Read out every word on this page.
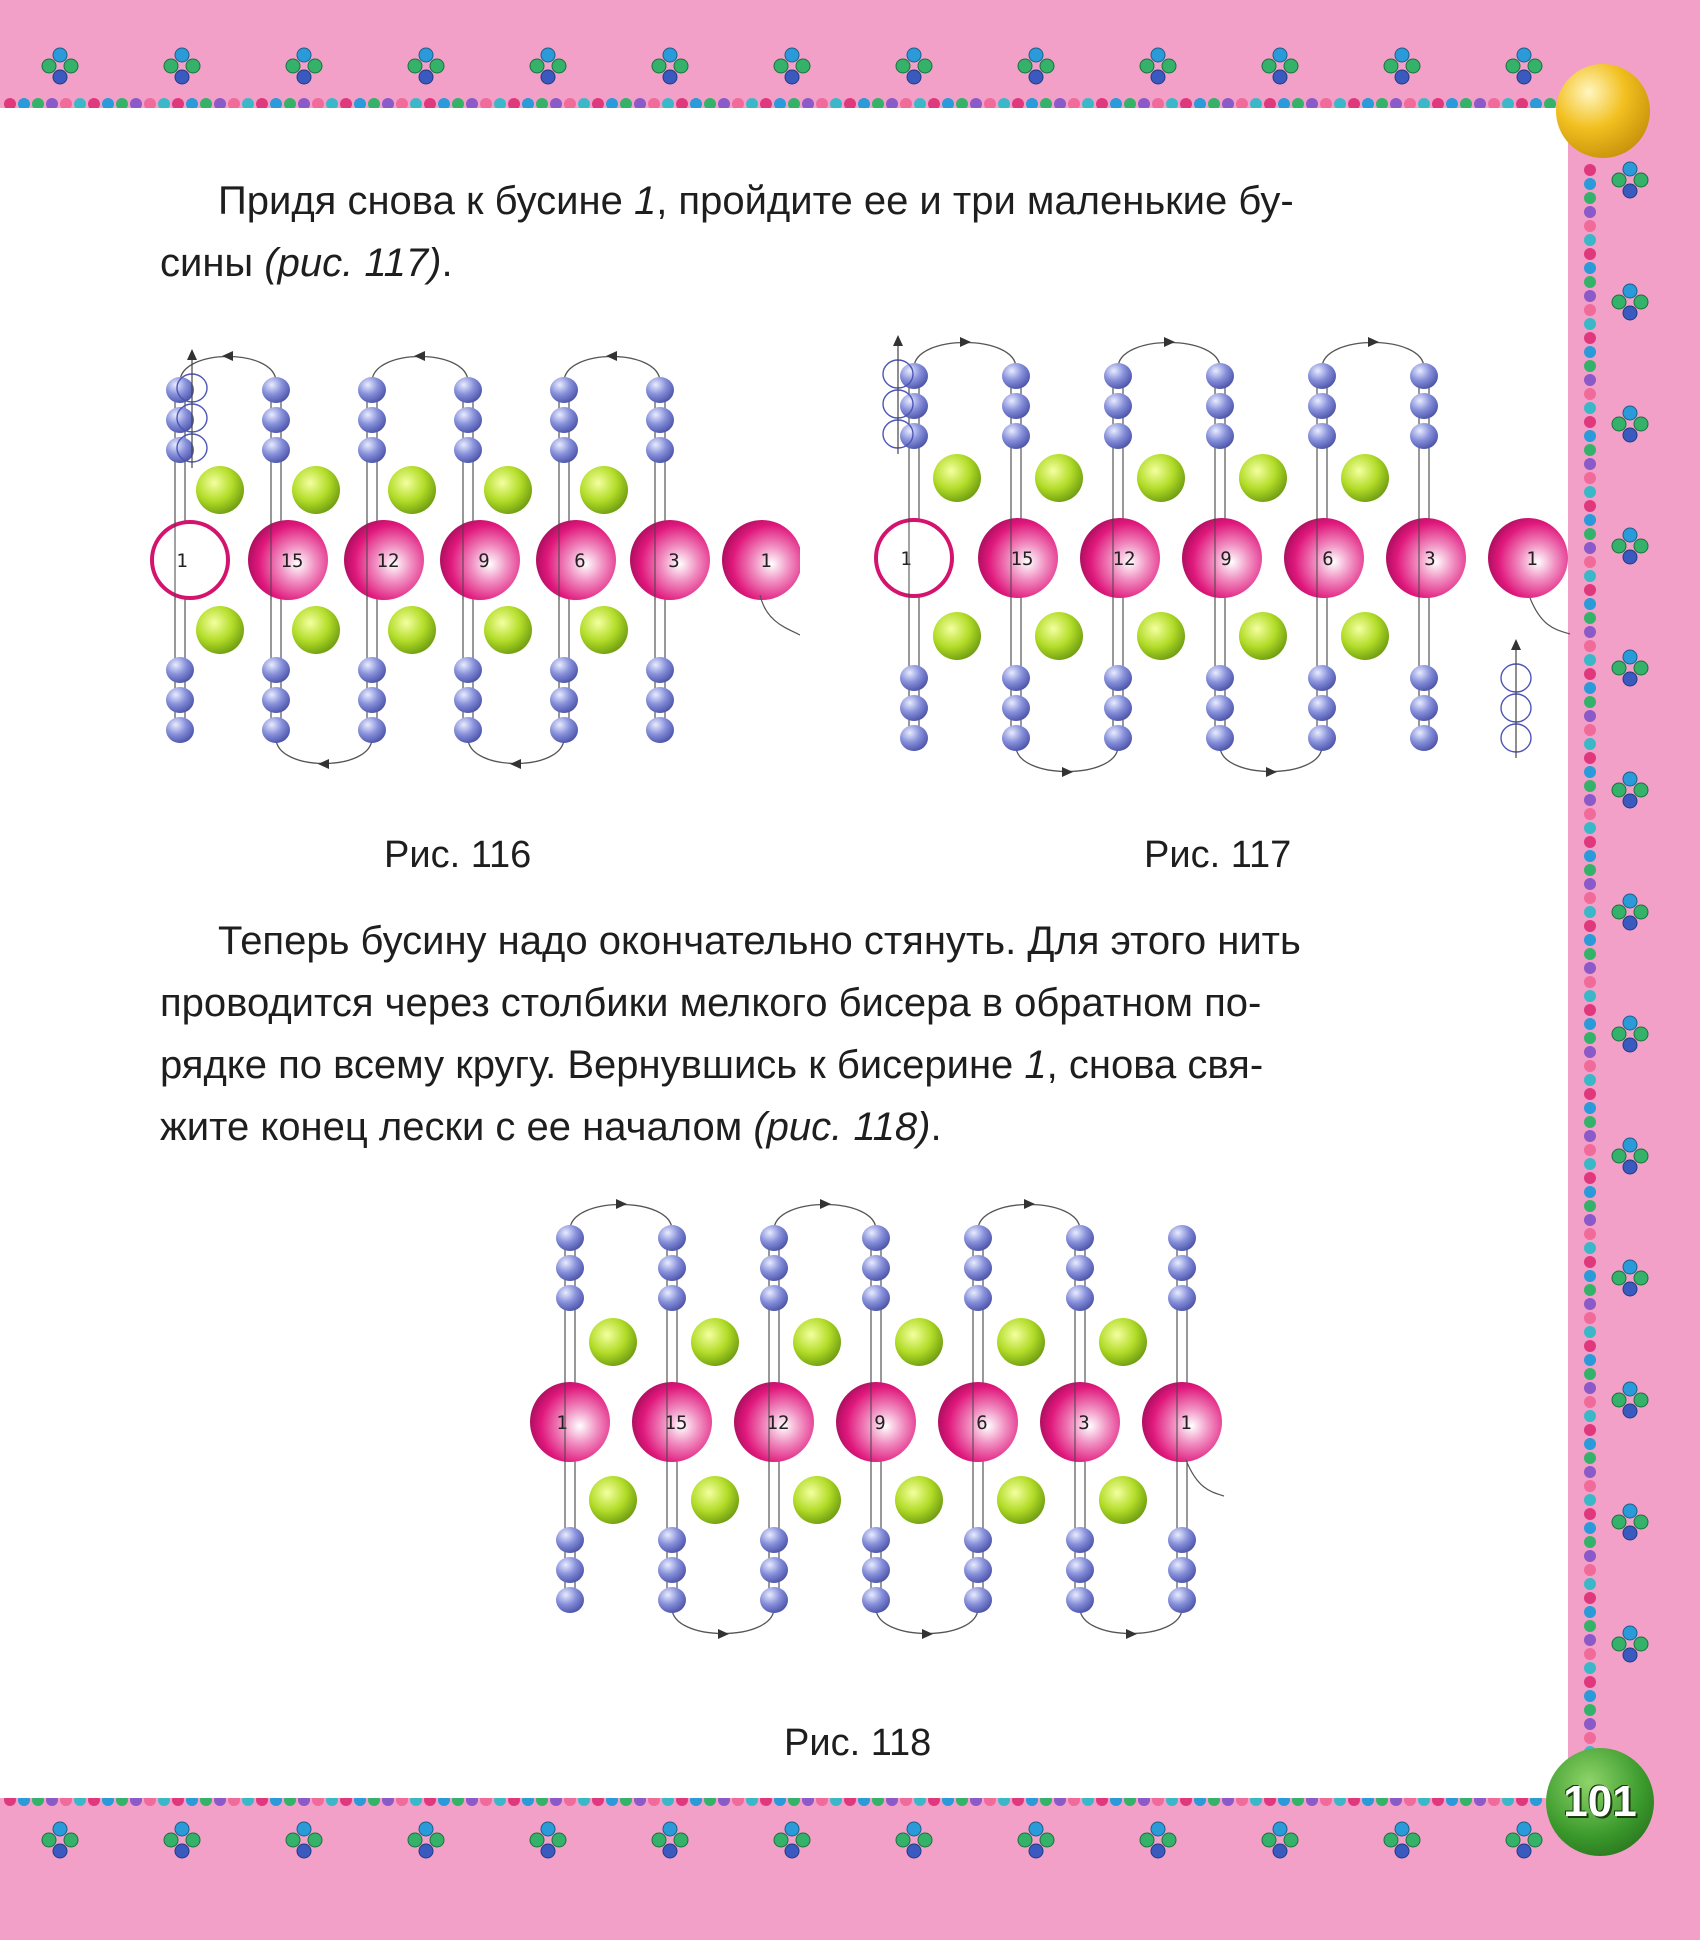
Придя снова к бусине 1, пройдите ее и три маленькие бу-
сины (рис. 117).

1	15	12	9	6	3	1
Рис. 116
1	15	12	9	6	3	1
Рис. 117

Теперь бусину надо окончательно стянуть. Для этого нить
проводится через столбики мелкого бисера в обратном по-
рядке по всему кругу. Вернувшись к бисерине 1, снова свя-
жите конец лески с ее началом (рис. 118).

1	15	12	9	6	3	1
Рис. 118
101
